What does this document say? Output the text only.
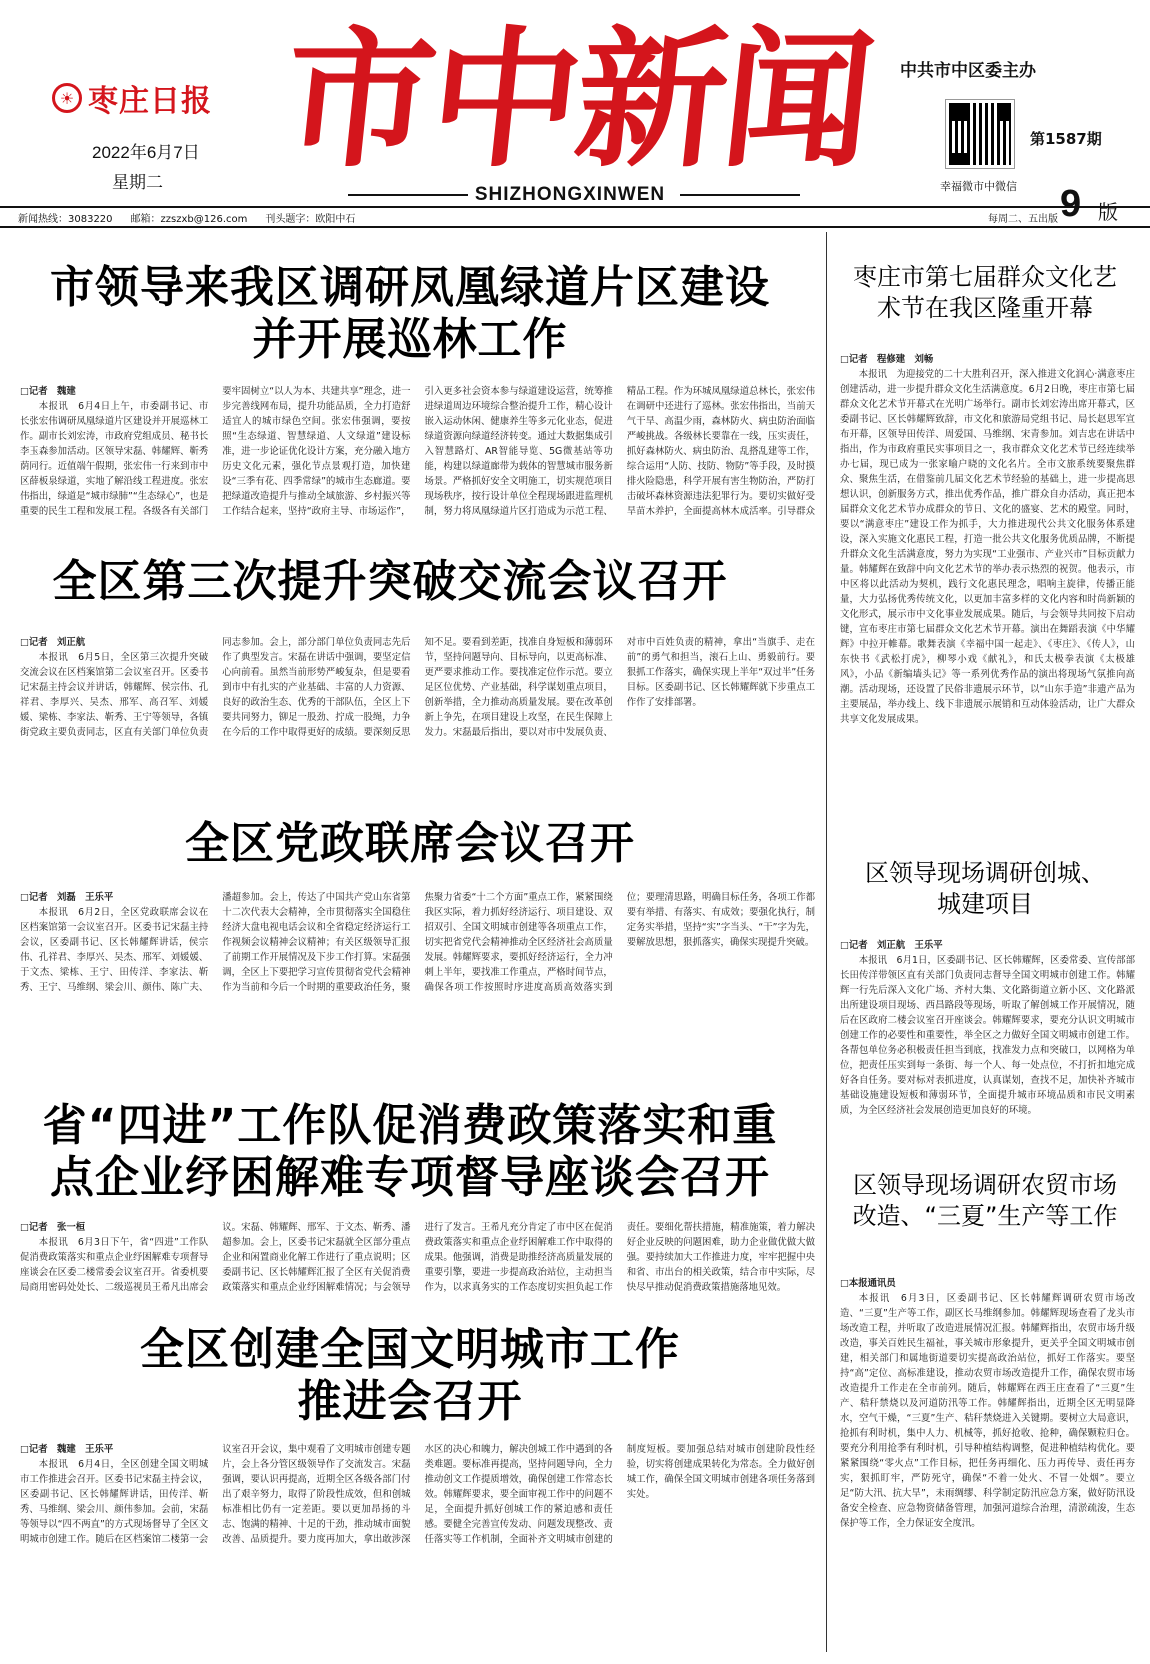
☀ 枣庄日报
2022年6月7日
星期二 市中新闻
SHIZHONGXINWEN
中共市中区委主办
幸福微市中微信
第1587期
新闻热线：3083220 邮箱：zzszxb@126.com 刊头题字：欧阳中石	每周二、五出版 9 版
市领导来我区调研凤凰绿道片区建设并开展巡林工作

□记者　魏建

本报讯　6月4日上午，市委副书记、市长张宏伟调研凤凰绿道片区建设并开展巡林工作。副市长刘宏涛，市政府党组成员、秘书长李玉森参加活动。区领导宋磊、韩耀辉、靳秀荫同行。近值端午假期，张宏伟一行来到市中区薛板泉绿道，实地了解沿线工程进度。张宏伟指出，绿道是“城市绿肺”“生态绿心”，也是重要的民生工程和发展工程。各级各有关部门要牢固树立“以人为本、共建共享”理念，进一步完善线网布局，提升功能品质，全力打造舒适宜人的城市绿色空间。张宏伟强调，要按照“生态绿道、智慧绿道、人文绿道”建设标准，进一步论证优化设计方案，充分融入地方历史文化元素，强化节点景观打造，加快建设“三季有花、四季常绿”的城市生态廊道。要把绿道改造提升与推动全域旅游、乡村振兴等工作结合起来，坚持“政府主导、市场运作”，引入更多社会资本参与绿道建设运营，统筹推进绿道周边环境综合整治提升工作，精心设计嵌入运动休闲、健康养生等多元化业态，促进绿道资源向绿道经济转变。通过大数据集成引入智慧路灯、AR智能导览、5G微基站等功能，构建以绿道廊带为载体的智慧城市服务新场景。严格抓好安全文明施工，切实规范项目现场秩序，按行设计单位全程现场跟进监理机制，努力将凤凰绿道片区打造成为示范工程、精品工程。作为环城凤凰绿道总林长，张宏伟在调研中还进行了巡林。张宏伟指出，当前天气干旱、高温少雨，森林防火、病虫防治面临严峻挑战。各级林长要靠在一线，压实责任，抓好森林防火、病虫防治、乱搭乱建等工作，综合运用“人防、技防、物防”等手段，及时摸排火险隐患，科学开展有害生物防治，严防打击破坏森林资源违法犯罪行为。要切实做好受旱苗木养护，全面提高林木成活率。引导群众

全区第三次提升突破交流会议召开

□记者　刘正航

本报讯　6月5日，全区第三次提升突破交流会议在区档案馆第二会议室召开。区委书记宋磊主持会议并讲话，韩耀辉、侯宗伟、孔祥君、李厚兴、吴杰、邢军、高召军、刘媛媛、梁栋、李家法、靳秀、王宁等领导，各镇街党政主要负责同志，区直有关部门单位负责同志参加。会上，部分部门单位负责同志先后作了典型发言。宋磊在讲话中强调，要坚定信心向前看。虽然当前形势严峻复杂，但是要看到市中有扎实的产业基础、丰富的人力资源、良好的政治生态、优秀的干部队伍，全区上下要共同努力，铆足一股劲、拧成一股绳，力争在今后的工作中取得更好的成绩。要深刻反思知不足。要看到差距，找准自身短板和薄弱环节，坚持问题导向、目标导向，以更高标准、更严要求推动工作。要找准定位作示范。要立足区位优势、产业基础，科学谋划重点项目，创新举措，全力推动高质量发展。要在改革创新上争先，在项目建设上攻坚，在民生保障上发力。宋磊最后指出，要以对市中发展负责、对市中百姓负责的精神，拿出“当旗手、走在前”的勇气和担当，滚石上山、勇毅前行。要狠抓工作落实，确保实现上半年“双过半”任务目标。区委副书记、区长韩耀辉就下步重点工作作了安排部署。

全区党政联席会议召开

□记者　刘磊　王乐平

本报讯　6月2日，全区党政联席会议在区档案馆第一会议室召开。区委书记宋磊主持会议，区委副书记、区长韩耀辉讲话，侯宗伟、孔祥君、李厚兴、吴杰、邢军、刘媛媛、于文杰、梁栋、王宁、田传洋、李家法、靳秀、王宁、马维纲、梁会川、颜伟、陈广夫、潘超参加。会上，传达了中国共产党山东省第十二次代表大会精神，全市贯彻落实全国稳住经济大盘电视电话会议和全省稳定经济运行工作视频会议精神会议精神；有关区级领导汇报了前期工作开展情况及下步工作打算。宋磊强调，全区上下要把学习宣传贯彻省党代会精神作为当前和今后一个时期的重要政治任务，聚焦聚力省委“十二个方面”重点工作，紧紧围绕我区实际，着力抓好经济运行、项目建设、双招双引、全国文明城市创建等各项重点工作，切实把省党代会精神推动全区经济社会高质量发展。韩耀辉要求，要抓好经济运行，全力冲刺上半年，要找准工作重点，严格时间节点，确保各项工作按照时序进度高质高效落实到位；要理清思路，明确目标任务，各项工作都要有举措、有落实、有成效；要强化执行，制定务实举措，坚持“实”字当头、“干”字为先，要解放思想，狠抓落实，确保实现提升突破。

省“四进”工作队促消费政策落实和重点企业纾困解难专项督导座谈会召开

□记者　张一桓

本报讯　6月3日下午，省“四进”工作队促消费政策落实和重点企业纾困解难专项督导座谈会在区委二楼常委会议室召开。省委机要局商用密码处处长、二级巡视员王希凡出席会议。宋磊、韩耀辉、邢军、于文杰、靳秀、潘超参加。会上，区委书记宋磊就全区部分重点企业和闲置商业化解工作进行了重点说明；区委副书记、区长韩耀辉汇报了全区有关促消费政策落实和重点企业纾困解难情况；与会领导进行了发言。王希凡充分肯定了市中区在促消费政策落实和重点企业纾困解难工作中取得的成果。他强调，消费是助推经济高质量发展的重要引擎，要进一步提高政治站位，主动担当作为，以求真务实的工作态度切实担负起工作责任。要细化帮扶措施，精准施策，着力解决好企业反映的问题困难，助力企业做优做大做强。要持续加大工作推进力度，牢牢把握中央和省、市出台的相关政策，结合市中实际，尽快尽早推动促消费政策措施落地见效。

全区创建全国文明城市工作推进会召开

□记者　魏建　王乐平

本报讯　6月4日，全区创建全国文明城市工作推进会召开。区委书记宋磊主持会议，区委副书记、区长韩耀辉讲话，田传洋、靳秀、马维纲、梁会川、颜伟参加。会前，宋磊等领导以“四不两直”的方式现场督导了全区文明城市创建工作。随后在区档案馆二楼第一会议室召开会议，集中观看了文明城市创建专题片，会上各分管区级领导作了交流发言。宋磊强调，要认识再提高，近期全区各级各部门付出了艰辛努力，取得了阶段性成效，但和创城标准相比仍有一定差距。要以更加昂扬的斗志、饱满的精神、十足的干劲，推动城市面貌改善、品质提升。要力度再加大，拿出敢涉深水区的决心和魄力，解决创城工作中遇到的各类难题。要标准再提高，坚持问题导向，全力推动创文工作提质增效，确保创建工作常态长效。韩耀辉要求，要全面审视工作中的问题不足，全面提升抓好创城工作的紧迫感和责任感。要健全完善宣传发动、问题发现整改、责任落实等工作机制，全面补齐文明城市创建的制度短板。要加强总结对城市创建阶段性经验，切实将创建成果转化为常态。全力做好创城工作，确保全国文明城市创建各项任务落到实处。

枣庄市第七届群众文化艺术节在我区隆重开幕

□记者　程修建　刘畅

本报讯　为迎接党的二十大胜利召开，深入推进文化润心·满意枣庄创建活动，进一步提升群众文化生活满意度。6月2日晚，枣庄市第七届群众文化艺术节开幕式在光明广场举行。副市长刘宏涛出席开幕式，区委副书记、区长韩耀辉致辞，市文化和旅游局党组书记、局长赵思军宣布开幕，区领导田传洋、周爱国、马维纲、宋青参加。刘吉忠在讲话中指出，作为市政府重民实事项目之一，我市群众文化艺术节已经连续举办七届，现已成为一张家喻户晓的文化名片。全市文旅系统要聚焦群众、聚焦生活，在借鉴前几届文化艺术节经验的基础上，进一步提高思想认识，创新服务方式，推出优秀作品，推广群众自办活动，真正把本届群众文化艺术节办成群众的节日、文化的盛宴、艺术的殿堂。同时，要以“满意枣庄”建设工作为抓手，大力推进现代公共文化服务体系建设，深入实施文化惠民工程，打造一批公共文化服务优质品牌，不断提升群众文化生活满意度，努力为实现“工业强市、产业兴市”目标贡献力量。韩耀辉在致辞中向文化艺术节的举办表示热烈的祝贺。他表示，市中区将以此活动为契机，践行文化惠民理念，唱响主旋律，传播正能量，大力弘扬优秀传统文化，以更加丰富多样的文化内容和时尚新颖的文化形式，展示市中文化事业发展成果。随后，与会领导共同按下启动键，宣布枣庄市第七届群众文化艺术节开幕。演出在舞蹈表演《中华耀辉》中拉开帷幕。歌舞表演《幸福中国一起走》、《枣庄》、《传人》，山东快书《武松打虎》，柳琴小戏《献礼》，和氏太极拳表演《太极雄风》，小品《新编墙头记》等一系列优秀作品的演出将现场气氛推向高潮。活动现场，还设置了民俗非遗展示环节，以“山东手造”非遗产品为主要展品，举办线上、线下非遗展示展销和互动体验活动，让广大群众共享文化发展成果。

区领导现场调研创城、城建项目

□记者　刘正航　王乐平

本报讯　6月1日，区委副书记、区长韩耀辉，区委常委、宣传部部长田传洋带领区直有关部门负责同志督导全国文明城市创建工作。韩耀辉一行先后深入文化广场、齐村大集、文化路街道立新小区、文化路派出所建设项目现场、西昌路段等现场，听取了解创城工作开展情况，随后在区政府二楼会议室召开座谈会。韩耀辉要求，要充分认识文明城市创建工作的必要性和重要性，举全区之力做好全国文明城市创建工作。各帮包单位务必积极责任担当到底，找准发力点和突破口，以网格为单位，把责任压实到每一条街、每一个人、每一处点位，不打折扣地完成好各自任务。要对标对表抓进度，认真谋划，查找不足，加快补齐城市基础设施建设短板和薄弱环节，全面提升城市环境品质和市民文明素质，为全区经济社会发展创造更加良好的环境。

区领导现场调研农贸市场改造、“三夏”生产等工作

□本报通讯员

本报讯　6月3日，区委副书记、区长韩耀辉调研农贸市场改造、“三夏”生产等工作，副区长马维纲参加。韩耀辉现场查看了龙头市场改造工程，并听取了改造进展情况汇报。韩耀辉指出，农贸市场升级改造，事关百姓民生福祉，事关城市形象提升，更关乎全国文明城市创建，相关部门和属地街道要切实提高政治站位，抓好工作落实。要坚持“高”定位、高标准建设，推动农贸市场改造提升工作，确保农贸市场改造提升工作走在全市前列。随后，韩耀辉在西王庄查看了“三夏”生产、秸秆禁烧以及河道防汛等工作。韩耀辉指出，近期全区无明显降水，空气干燥，“三夏”生产、秸秆禁烧进入关键期。要树立大局意识，抢抓有利时机，集中人力、机械等，抓好抢收、抢种，确保颗粒归仓。要充分利用抢季有利时机，引导种植结构调整，促进种植结构优化。要紧紧围绕“零火点”工作目标，把任务再细化、压力再传导、责任再夯实，狠抓盯牢，严防死守，确保“不着一处火、不冒一处烟”。要立足“防大汛、抗大旱”，未雨绸缪、科学制定防汛应急方案，做好防汛设备安全检查、应急物资储备管理，加强河道综合治理，清淤疏浚，生态保护等工作，全力保证安全度汛。
